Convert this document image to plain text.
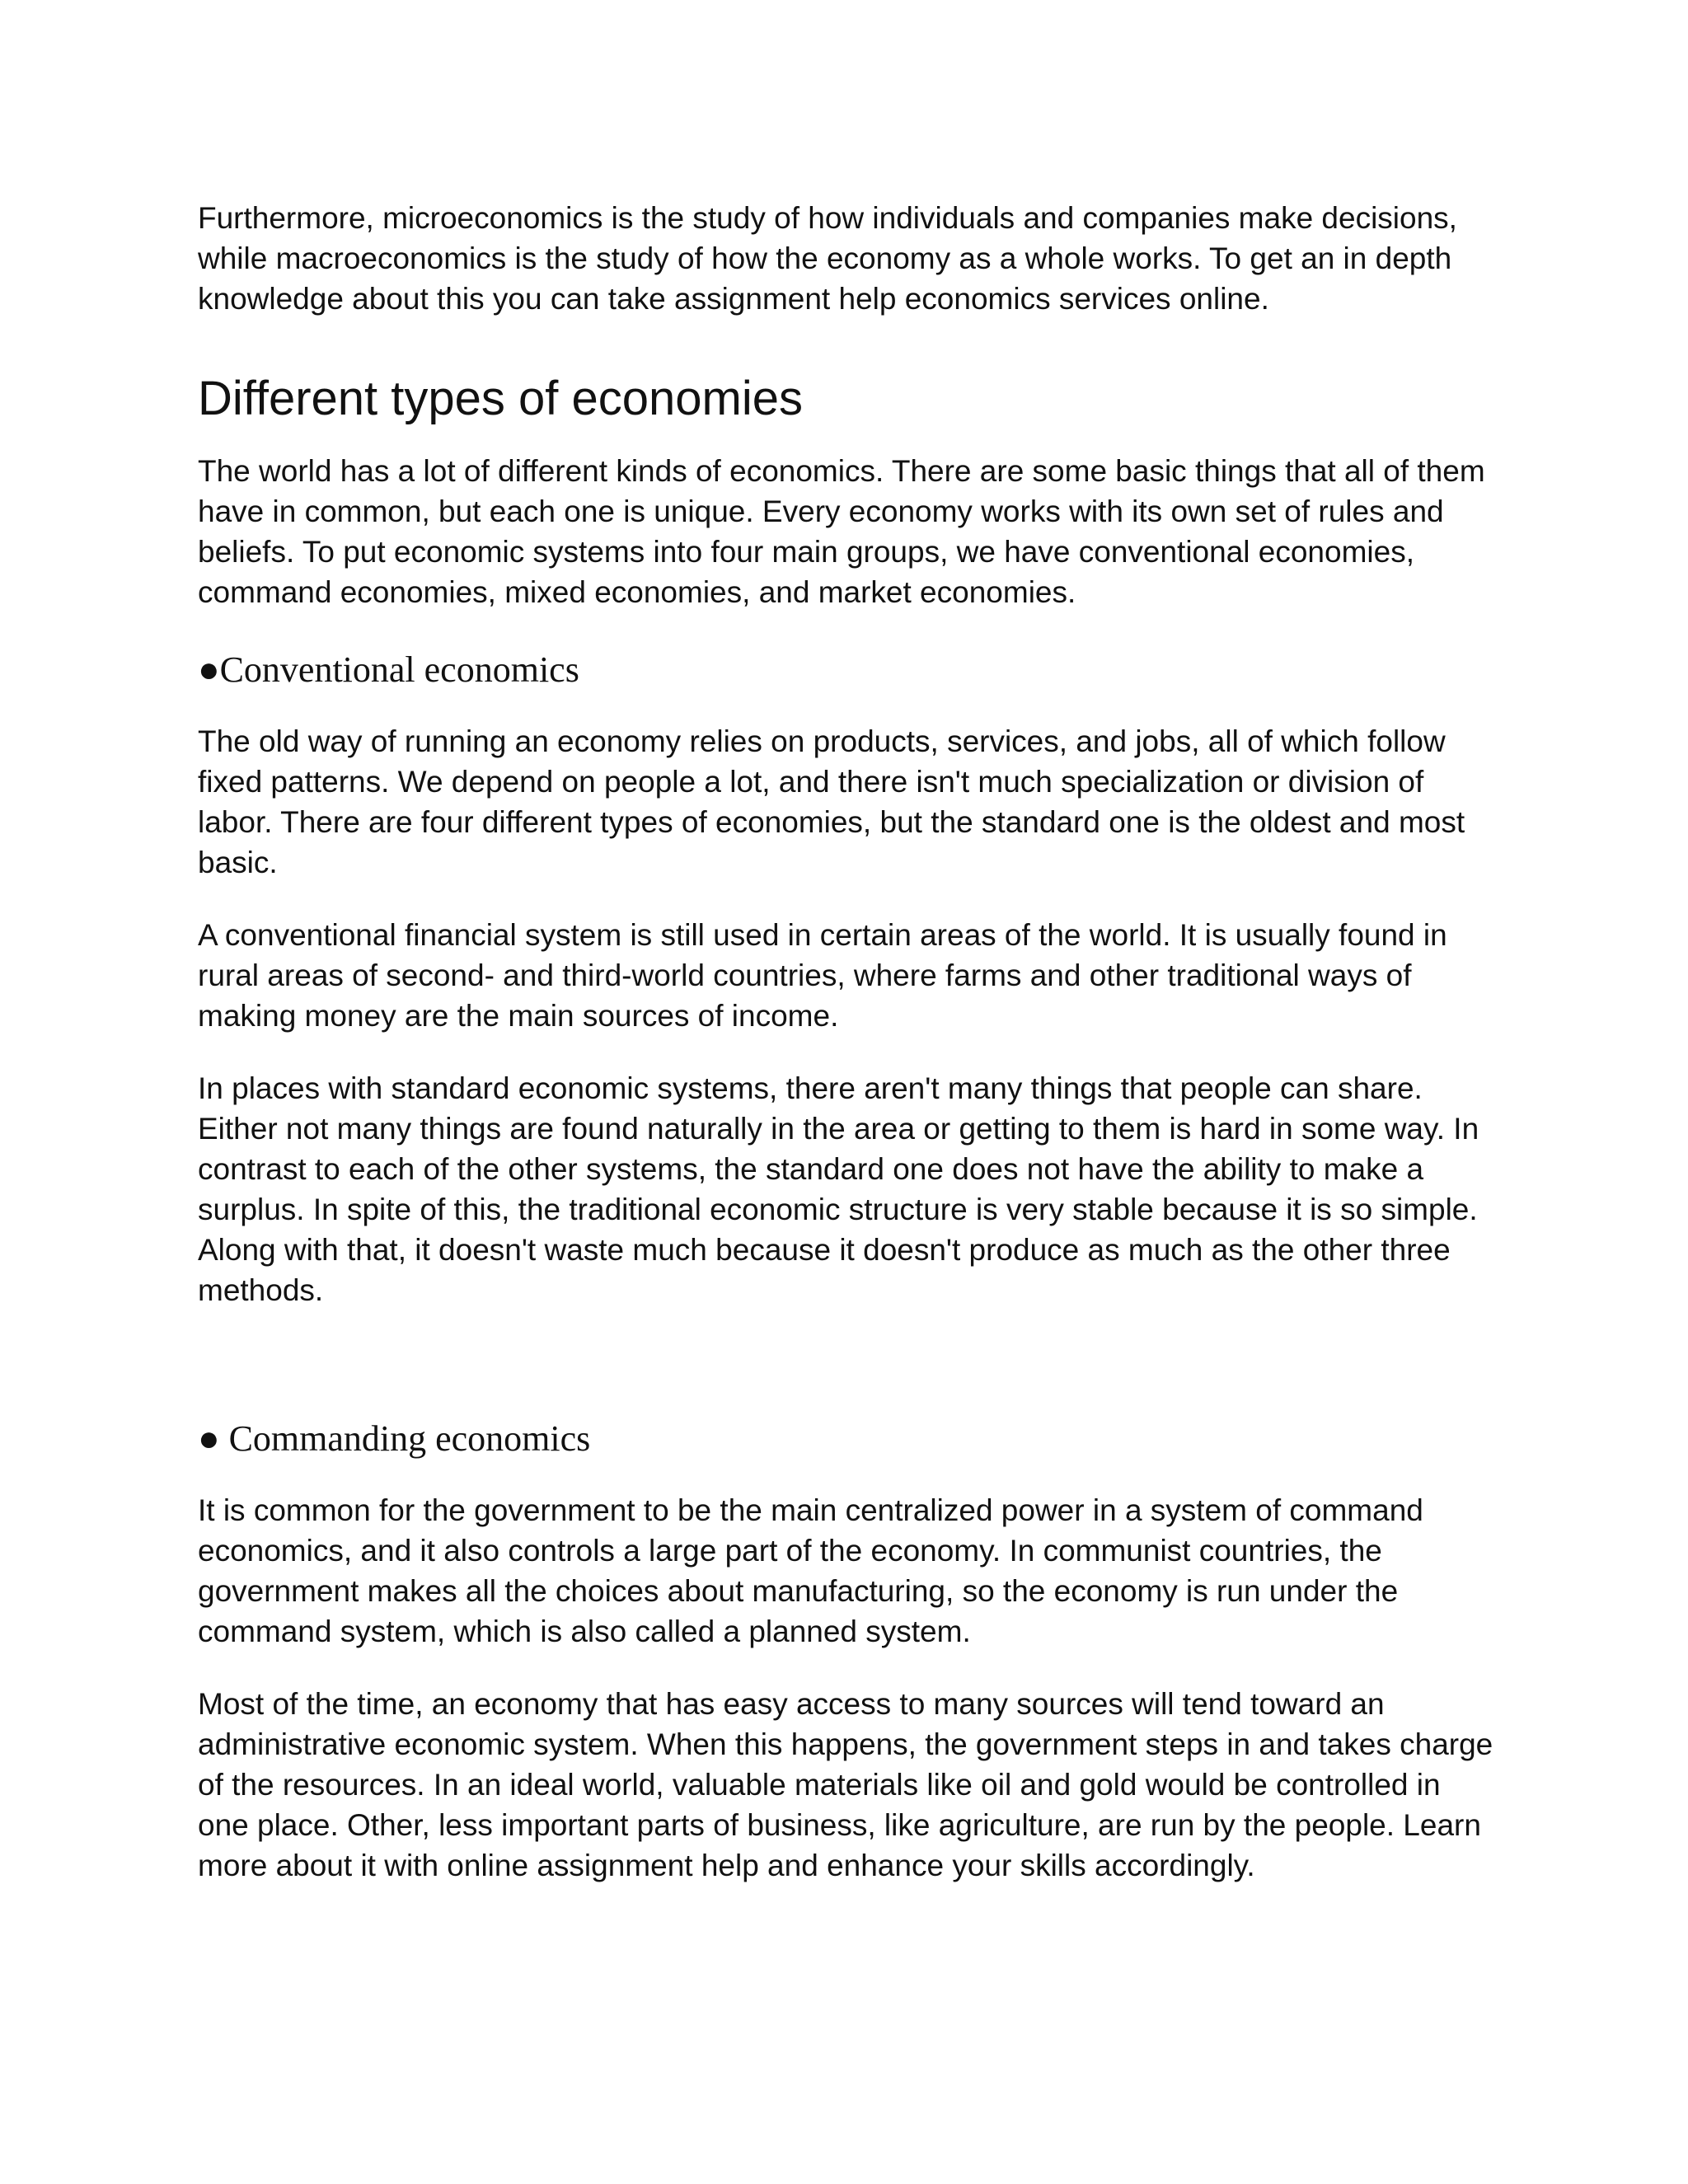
Furthermore, microeconomics is the study of how individuals and companies make decisions,
while macroeconomics is the study of how the economy as a whole works. To get an in depth
knowledge about this you can take assignment help economics services online.

Different types of economies

The world has a lot of different kinds of economics. There are some basic things that all of them
have in common, but each one is unique. Every economy works with its own set of rules and
beliefs. To put economic systems into four main groups, we have conventional economies,
command economies, mixed economies, and market economies.

●Conventional economics

The old way of running an economy relies on products, services, and jobs, all of which follow
fixed patterns. We depend on people a lot, and there isn't much specialization or division of
labor. There are four different types of economies, but the standard one is the oldest and most
basic.

A conventional financial system is still used in certain areas of the world. It is usually found in
rural areas of second- and third-world countries, where farms and other traditional ways of
making money are the main sources of income.

In places with standard economic systems, there aren't many things that people can share.
Either not many things are found naturally in the area or getting to them is hard in some way. In
contrast to each of the other systems, the standard one does not have the ability to make a
surplus. In spite of this, the traditional economic structure is very stable because it is so simple.
Along with that, it doesn't waste much because it doesn't produce as much as the other three
methods.

● Commanding economics

It is common for the government to be the main centralized power in a system of command
economics, and it also controls a large part of the economy. In communist countries, the
government makes all the choices about manufacturing, so the economy is run under the
command system, which is also called a planned system.

Most of the time, an economy that has easy access to many sources will tend toward an
administrative economic system. When this happens, the government steps in and takes charge
of the resources. In an ideal world, valuable materials like oil and gold would be controlled in
one place. Other, less important parts of business, like agriculture, are run by the people. Learn
more about it with online assignment help and enhance your skills accordingly.
